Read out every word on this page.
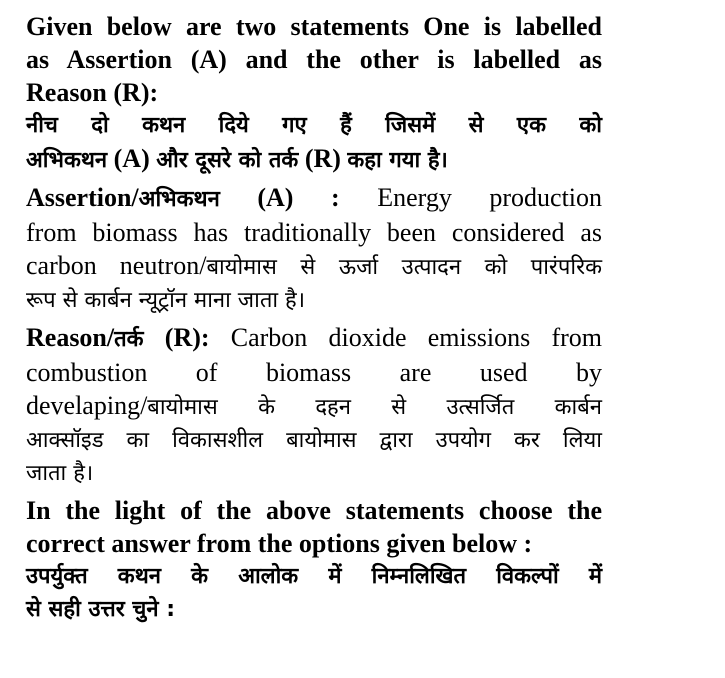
Given below are two statements One is labelled
as Assertion (A) and the other is labelled as
Reason (R):
नीच दो कथन दिये गए हैं जिसमें से एक को
अभिकथन (A) और दूसरे को तर्क (R) कहा गया है।
Assertion/अभिकथन (A) : Energy production
from biomass has traditionally been considered as
carbon neutron/बायोमास से ऊर्जा उत्पादन को पारंपरिक
रूप से कार्बन न्यूट्रॉन माना जाता है।
Reason/तर्क (R): Carbon dioxide emissions from
combustion of biomass are used by
develaping/बायोमास के दहन से उत्सर्जित कार्बन
आक्सॉइड का विकासशील बायोमास द्वारा उपयोग कर लिया
जाता है।
In the light of the above statements choose the
correct answer from the options given below :
उपर्युक्त कथन के आलोक में निम्नलिखित विकल्पों में
से सही उत्तर चुने :
